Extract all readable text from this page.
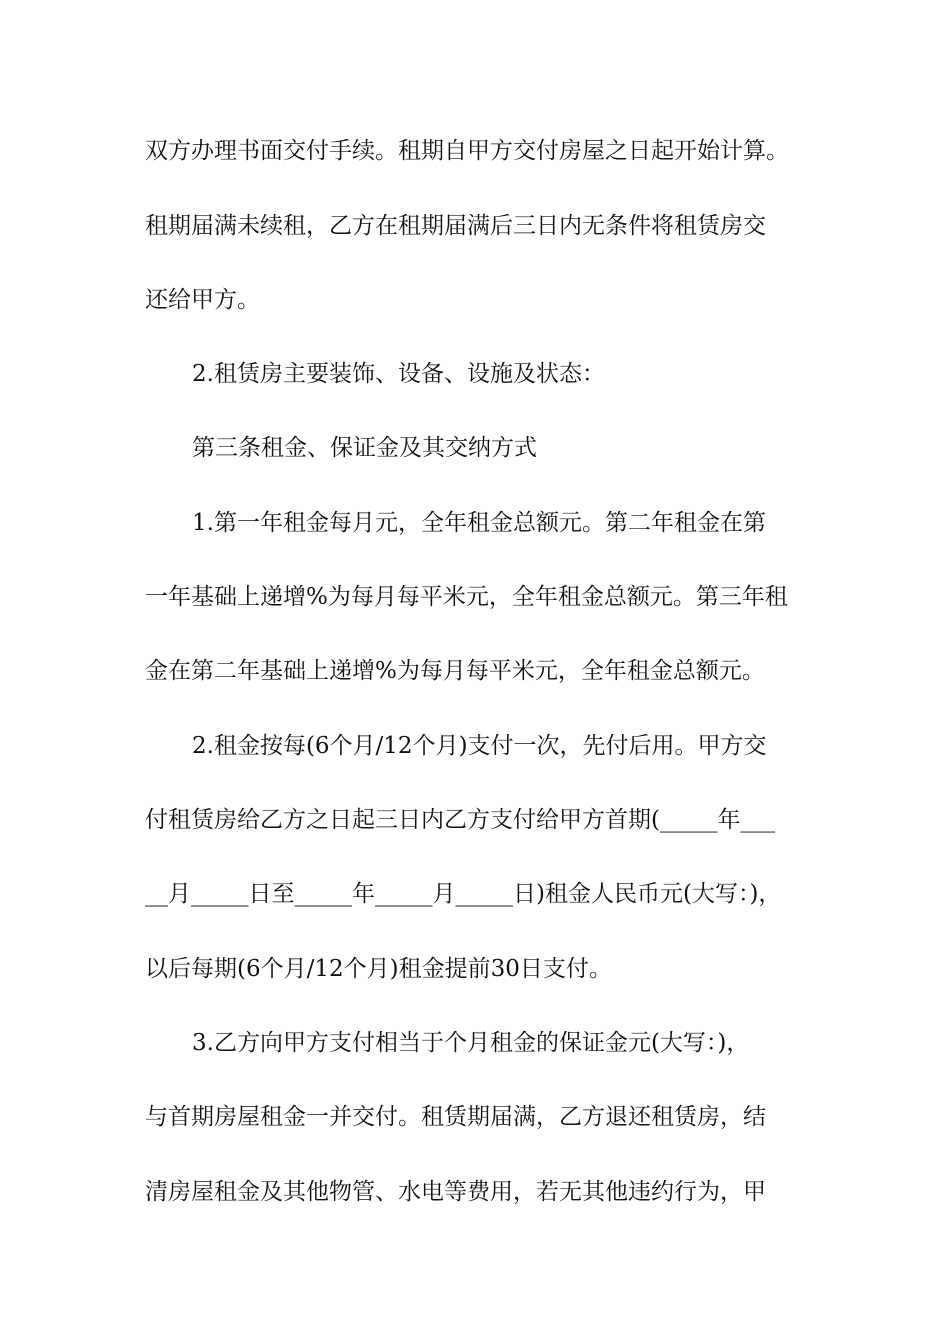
双方办理书面交付手续。租期自甲方交付房屋之日起开始计算。
租期届满未续租，乙方在租期届满后三日内无条件将租赁房交
还给甲方。
2.租赁房主要装饰、设备、设施及状态：
第三条租金、保证金及其交纳方式
1.第一年租金每月元，全年租金总额元。第二年租金在第
一年基础上递增%为每月每平米元，全年租金总额元。第三年租
金在第二年基础上递增%为每月每平米元，全年租金总额元。
2.租金按每(6个月/12个月)支付一次，先付后用。甲方交
付租赁房给乙方之日起三日内乙方支付给甲方首期(_____年___
__月_____日至_____年_____月_____日)租金人民币元(大写：)，
以后每期(6个月/12个月)租金提前30日支付。
3.乙方向甲方支付相当于个月租金的保证金元(大写：)，
与首期房屋租金一并交付。租赁期届满，乙方退还租赁房，结
清房屋租金及其他物管、水电等费用，若无其他违约行为，甲
